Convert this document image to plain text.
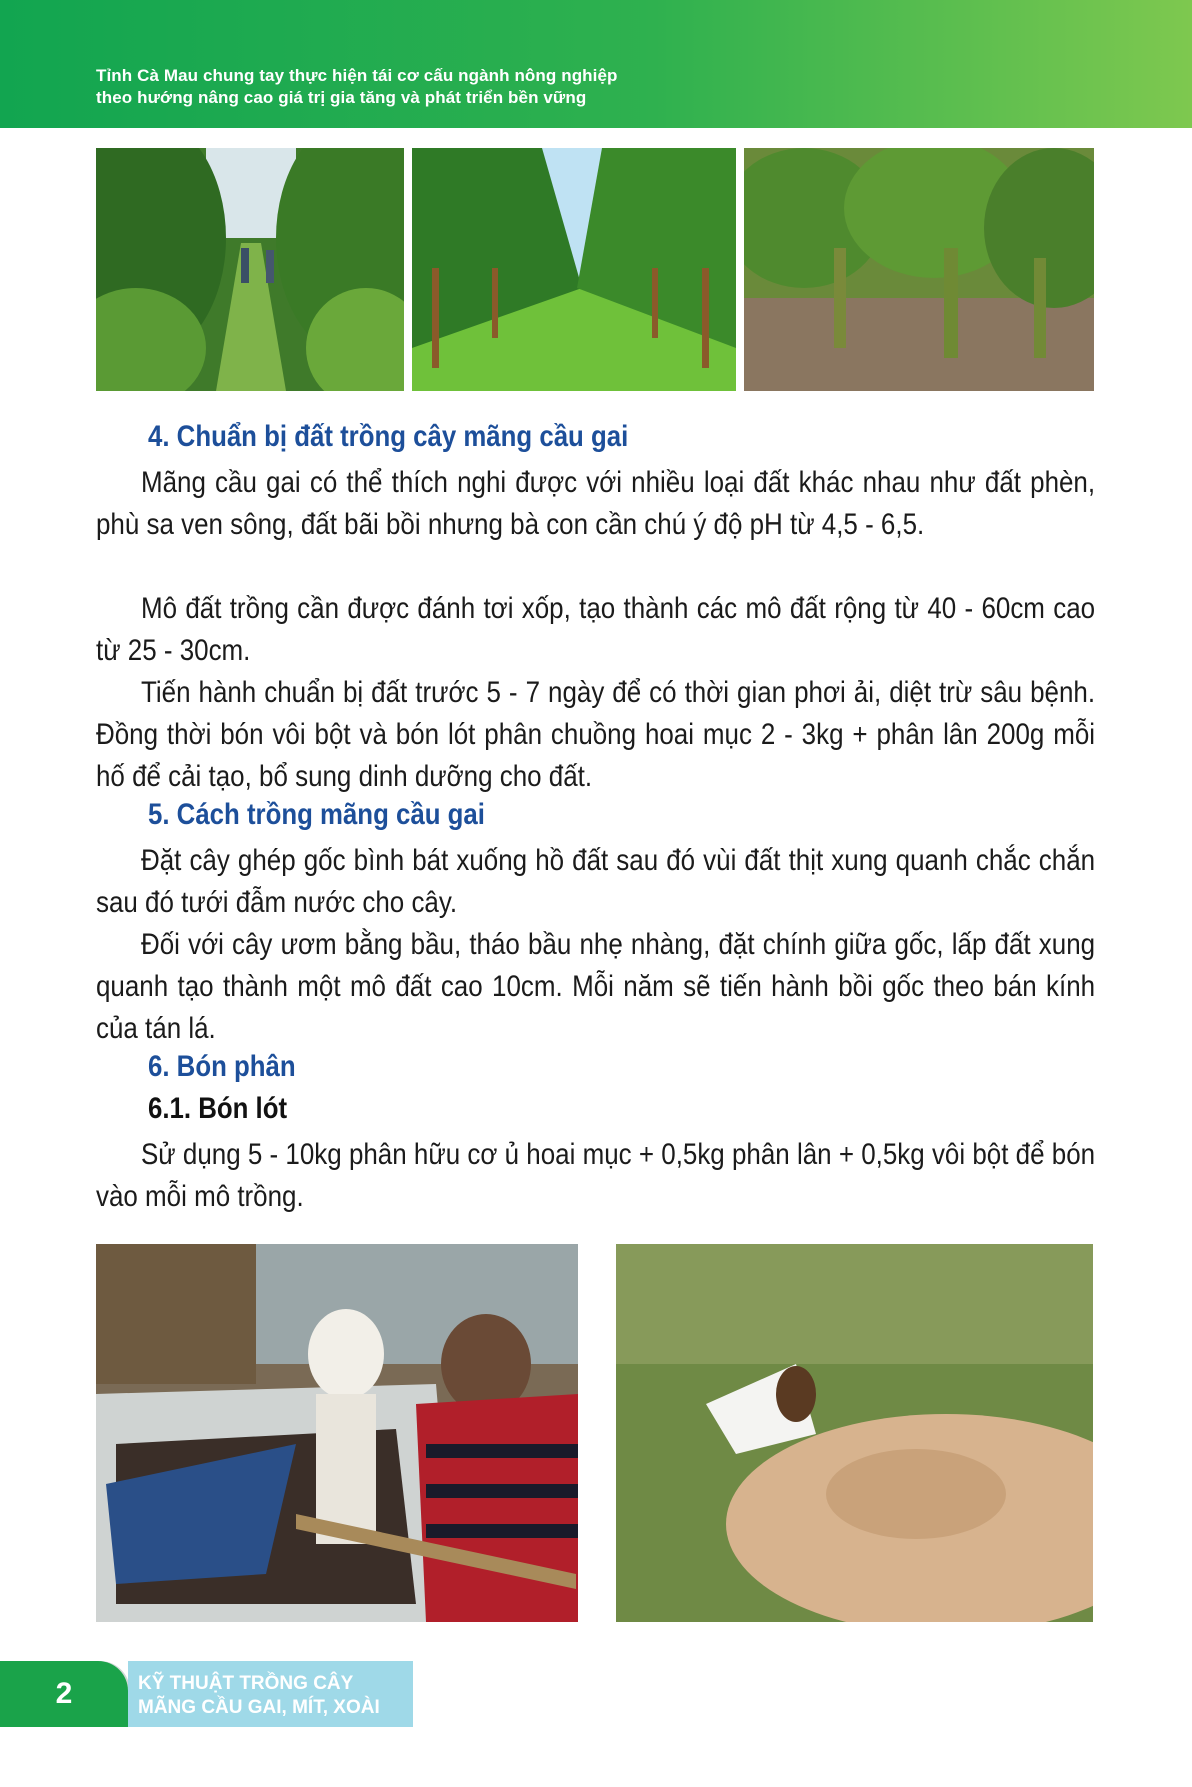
Tỉnh Cà Mau chung tay thực hiện tái cơ cấu ngành nông nghiệp
theo hướng nâng cao giá trị gia tăng và phát triển bền vững
4. Chuẩn bị đất trồng cây mãng cầu gai
Mãng cầu gai có thể thích nghi được với nhiều loại đất khác nhau như đất phèn, phù sa ven sông, đất bãi bồi nhưng bà con cần chú ý độ pH từ 4,5 - 6,5.
Mô đất trồng cần được đánh tơi xốp, tạo thành các mô đất rộng từ 40 - 60cm cao từ 25 - 30cm.
Tiến hành chuẩn bị đất trước 5 - 7 ngày để có thời gian phơi ải, diệt trừ sâu bệnh. Đồng thời bón vôi bột và bón lót phân chuồng hoai mục 2 - 3kg + phân lân 200g mỗi hố để cải tạo, bổ sung dinh dưỡng cho đất.
5. Cách trồng mãng cầu gai
Đặt cây ghép gốc bình bát xuống hồ đất sau đó vùi đất thịt xung quanh chắc chắn sau đó tưới đẫm nước cho cây.
Đối với cây ươm bằng bầu, tháo bầu nhẹ nhàng, đặt chính giữa gốc, lấp đất xung quanh tạo thành một mô đất cao 10cm. Mỗi năm sẽ tiến hành bồi gốc theo bán kính của tán lá.
6. Bón phân
6.1. Bón lót
Sử dụng 5 - 10kg phân hữu cơ ủ hoai mục + 0,5kg phân lân + 0,5kg vôi bột để bón vào mỗi mô trồng.
2	KỸ THUẬT TRỒNG CÂY
MÃNG CẦU GAI, MÍT, XOÀI
